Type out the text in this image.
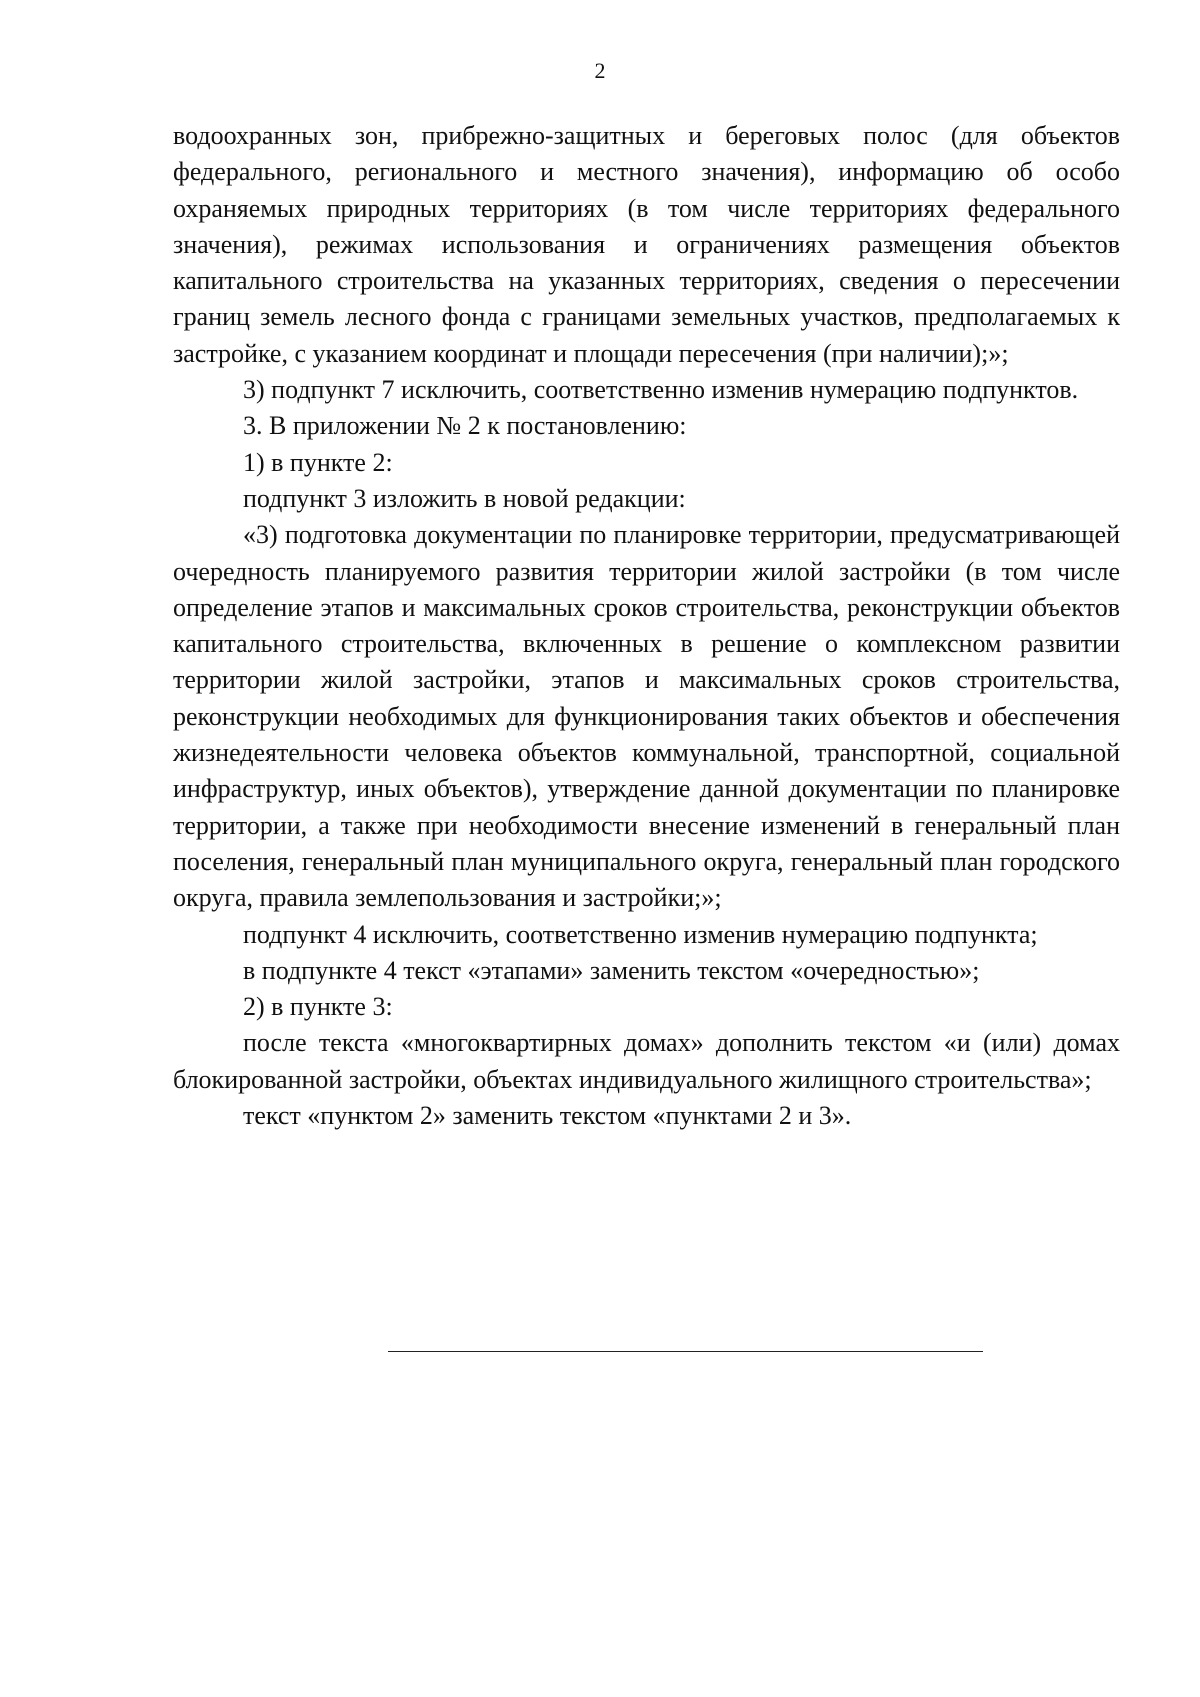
2

водоохранных зон, прибрежно-защитных и береговых полос (для объектов федерального, регионального и местного значения), информацию об особо охраняемых природных территориях (в том числе территориях федерального значения), режимах использования и ограничениях размещения объектов капитального строительства на указанных территориях, сведения о пересечении границ земель лесного фонда с границами земельных участков, предполагаемых к застройке, с указанием координат и площади пересечения (при наличии);»;

3) подпункт 7 исключить, соответственно изменив нумерацию подпунктов.

3. В приложении № 2 к постановлению:

1) в пункте 2:

подпункт 3 изложить в новой редакции:

«3) подготовка документации по планировке территории, предусматривающей очередность планируемого развития территории жилой застройки (в том числе определение этапов и максимальных сроков строительства, реконструкции объектов капитального строительства, включенных в решение о комплексном развитии территории жилой застройки, этапов и максимальных сроков строительства, реконструкции необходимых для функционирования таких объектов и обеспечения жизнедеятельности человека объектов коммунальной, транспортной, социальной инфраструктур, иных объектов), утверждение данной документации по планировке территории, а также при необходимости внесение изменений в генеральный план поселения, генеральный план муниципального округа, генеральный план городского округа, правила землепользования и застройки;»;

подпункт 4 исключить, соответственно изменив нумерацию подпункта;

в подпункте 4 текст «этапами» заменить текстом «очередностью»;

2) в пункте 3:

после текста «многоквартирных домах» дополнить текстом «и (или) домах блокированной застройки, объектах индивидуального жилищного строительства»;

текст «пунктом 2» заменить текстом «пунктами 2 и 3».
